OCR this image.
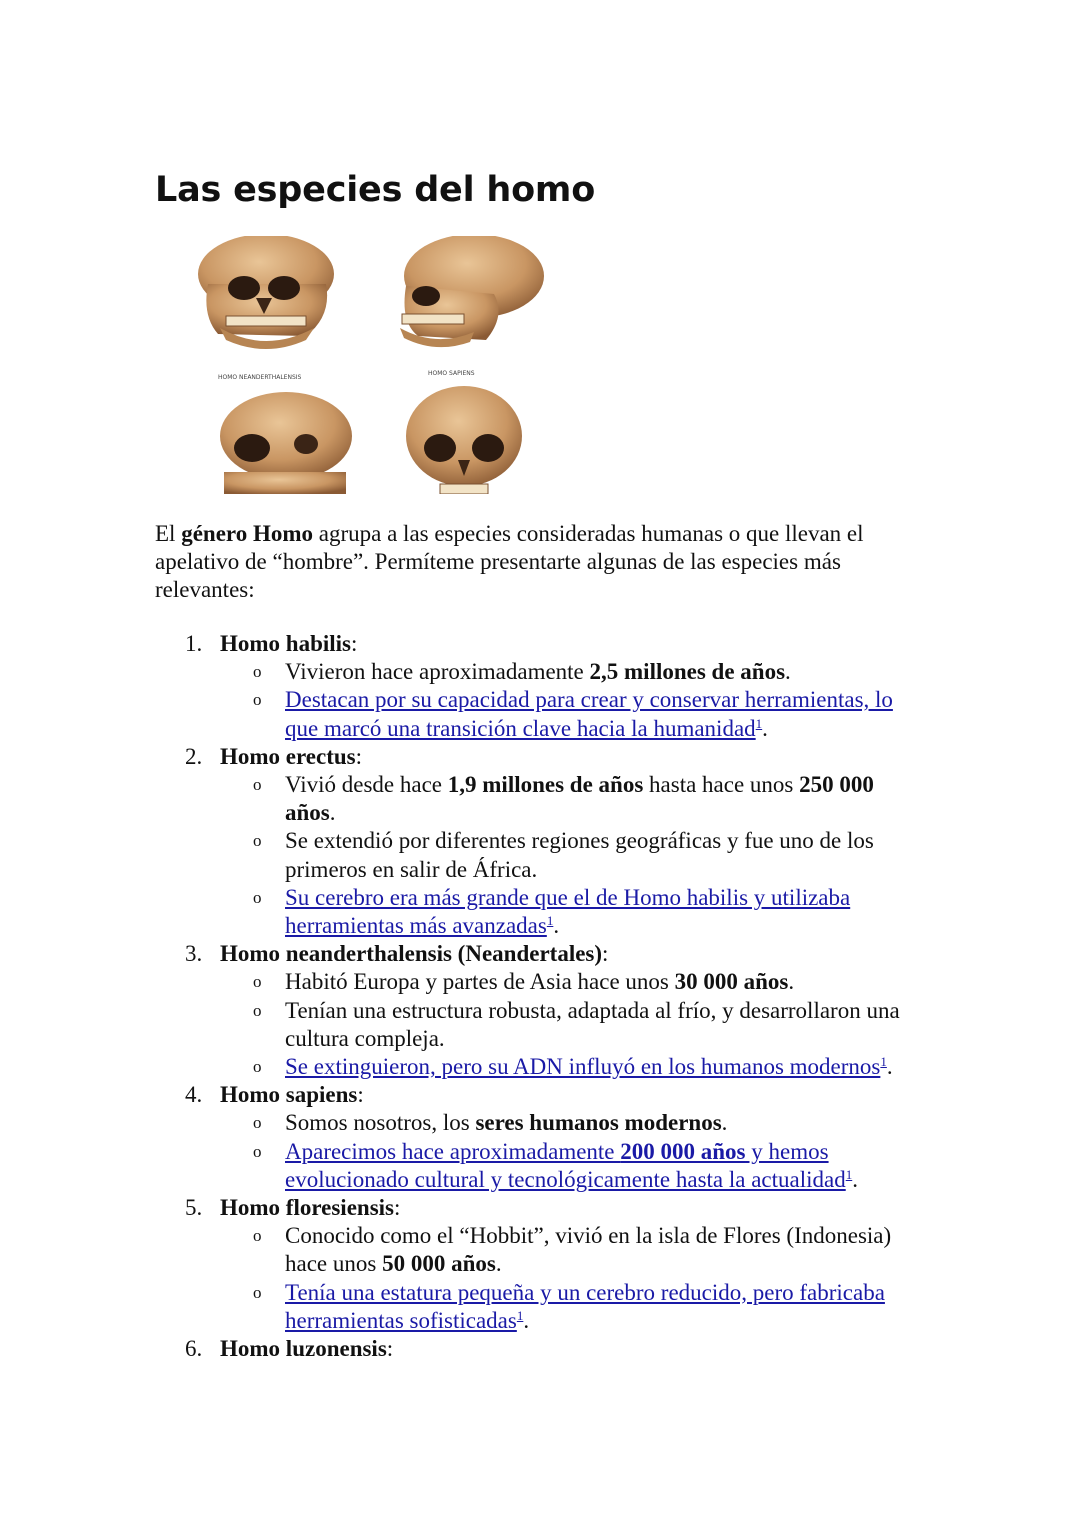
Las especies del homo
HOMO NEANDERTHALENSIS
HOMO SAPIENS

El género Homo agrupa a las especies consideradas humanas o que llevan el apelativo de “hombre”. Permíteme presentarte algunas de las especies más relevantes:

1. Homo habilis:
o Vivieron hace aproximadamente 2,5 millones de años.
o Destacan por su capacidad para crear y conservar herramientas, lo que marcó una transición clave hacia la humanidad$^1$.
2. Homo erectus:
o Vivió desde hace 1,9 millones de años hasta hace unos 250 000 años.
o Se extendió por diferentes regiones geográficas y fue uno de los primeros en salir de África.
o Su cerebro era más grande que el de Homo habilis y utilizaba herramientas más avanzadas$^1$.
3. Homo neanderthalensis (Neandertales):
o Habitó Europa y partes de Asia hace unos 30 000 años.
o Tenían una estructura robusta, adaptada al frío, y desarrollaron una cultura compleja.
o Se extinguieron, pero su ADN influyó en los humanos modernos$^1$.
4. Homo sapiens:
o Somos nosotros, los seres humanos modernos.
o Aparecimos hace aproximadamente 200 000 años y hemos evolucionado cultural y tecnológicamente hasta la actualidad$^1$.
5. Homo floresiensis:
o Conocido como el “Hobbit”, vivió en la isla de Flores (Indonesia) hace unos 50 000 años.
o Tenía una estatura pequeña y un cerebro reducido, pero fabricaba herramientas sofisticadas$^1$.
6. Homo luzonensis:
